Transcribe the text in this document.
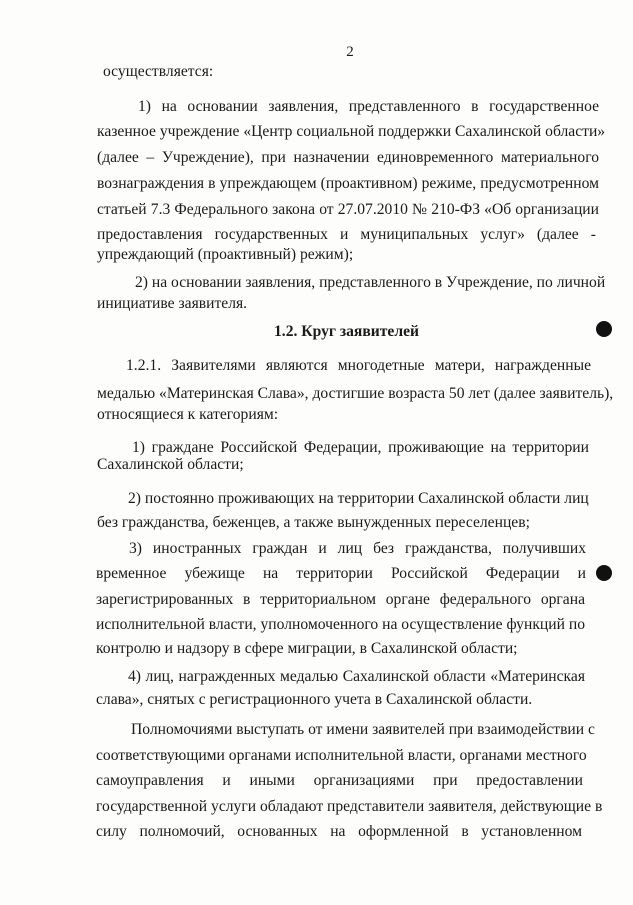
2
осуществляется:
1) на основании заявления, представленного в государственное
казенное учреждение «Центр социальной поддержки Сахалинской области»
(далее – Учреждение), при назначении единовременного материального
вознаграждения в упреждающем (проактивном) режиме, предусмотренном
статьей 7.3 Федерального закона от 27.07.2010 № 210-ФЗ «Об организации
предоставления государственных и муниципальных услуг» (далее -
упреждающий (проактивный) режим);
2) на основании заявления, представленного в Учреждение, по личной
инициативе заявителя.
1.2. Круг заявителей
1.2.1. Заявителями являются многодетные матери, награжденные
медалью «Материнская Слава», достигшие возраста 50 лет (далее заявитель),
относящиеся к категориям:
1) граждане Российской Федерации, проживающие на территории
Сахалинской области;
2) постоянно проживающих на территории Сахалинской области лиц
без гражданства, беженцев, а также вынужденных переселенцев;
3) иностранных граждан и лиц без гражданства, получивших
временное убежище на территории Российской Федерации и
зарегистрированных в территориальном органе федерального органа
исполнительной власти, уполномоченного на осуществление функций по
контролю и надзору в сфере миграции, в Сахалинской области;
4) лиц, награжденных медалью Сахалинской области «Материнская
слава», снятых с регистрационного учета в Сахалинской области.
Полномочиями выступать от имени заявителей при взаимодействии с
соответствующими органами исполнительной власти, органами местного
самоуправления и иными организациями при предоставлении
государственной услуги обладают представители заявителя, действующие в
силу полномочий, основанных на оформленной в установленном
